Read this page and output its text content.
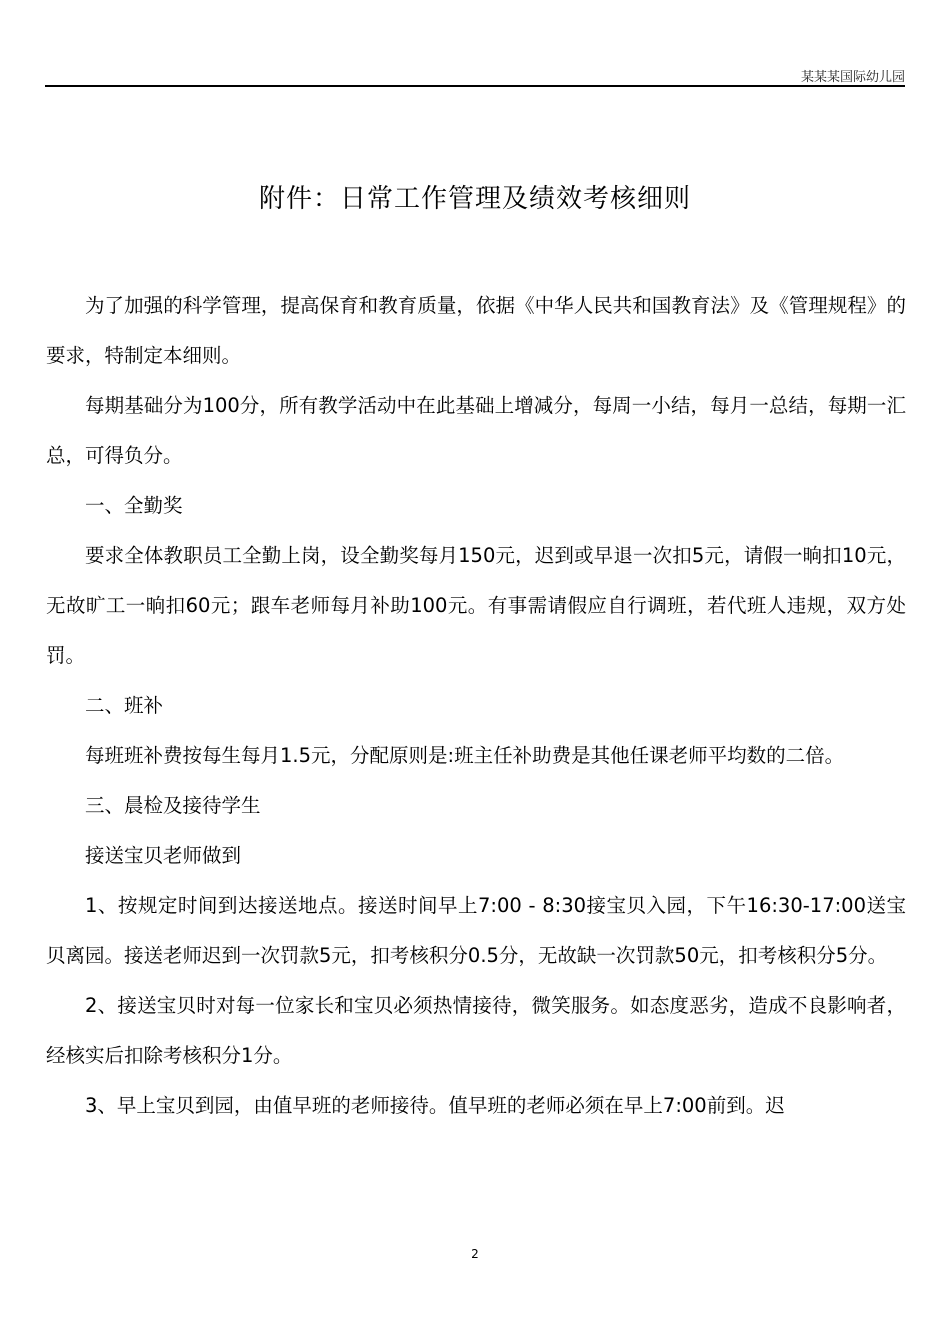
某某某国际幼儿园
附件：日常工作管理及绩效考核细则

为了加强的科学管理，提高保育和教育质量，依据《中华人民共和国教育法》及《管理规程》的要求，特制定本细则。

每期基础分为100分，所有教学活动中在此基础上增减分，每周一小结，每月一总结，每期一汇总，可得负分。

一、全勤奖

要求全体教职员工全勤上岗，设全勤奖每月150元，迟到或早退一次扣5元，请假一晌扣10元，无故旷工一晌扣60元；跟车老师每月补助100元。有事需请假应自行调班，若代班人违规，双方处罚。

二、班补

每班班补费按每生每月1.5元，分配原则是:班主任补助费是其他任课老师平均数的二倍。

三、晨检及接待学生

接送宝贝老师做到

1、按规定时间到达接送地点。接送时间早上7:00 - 8:30接宝贝入园，下午16:30-17:00送宝贝离园。接送老师迟到一次罚款5元，扣考核积分0.5分，无故缺一次罚款50元，扣考核积分5分。

2、接送宝贝时对每一位家长和宝贝必须热情接待，微笑服务。如态度恶劣，造成不良影响者，经核实后扣除考核积分1分。

3、早上宝贝到园，由值早班的老师接待。值早班的老师必须在早上7:00前到。迟

2
